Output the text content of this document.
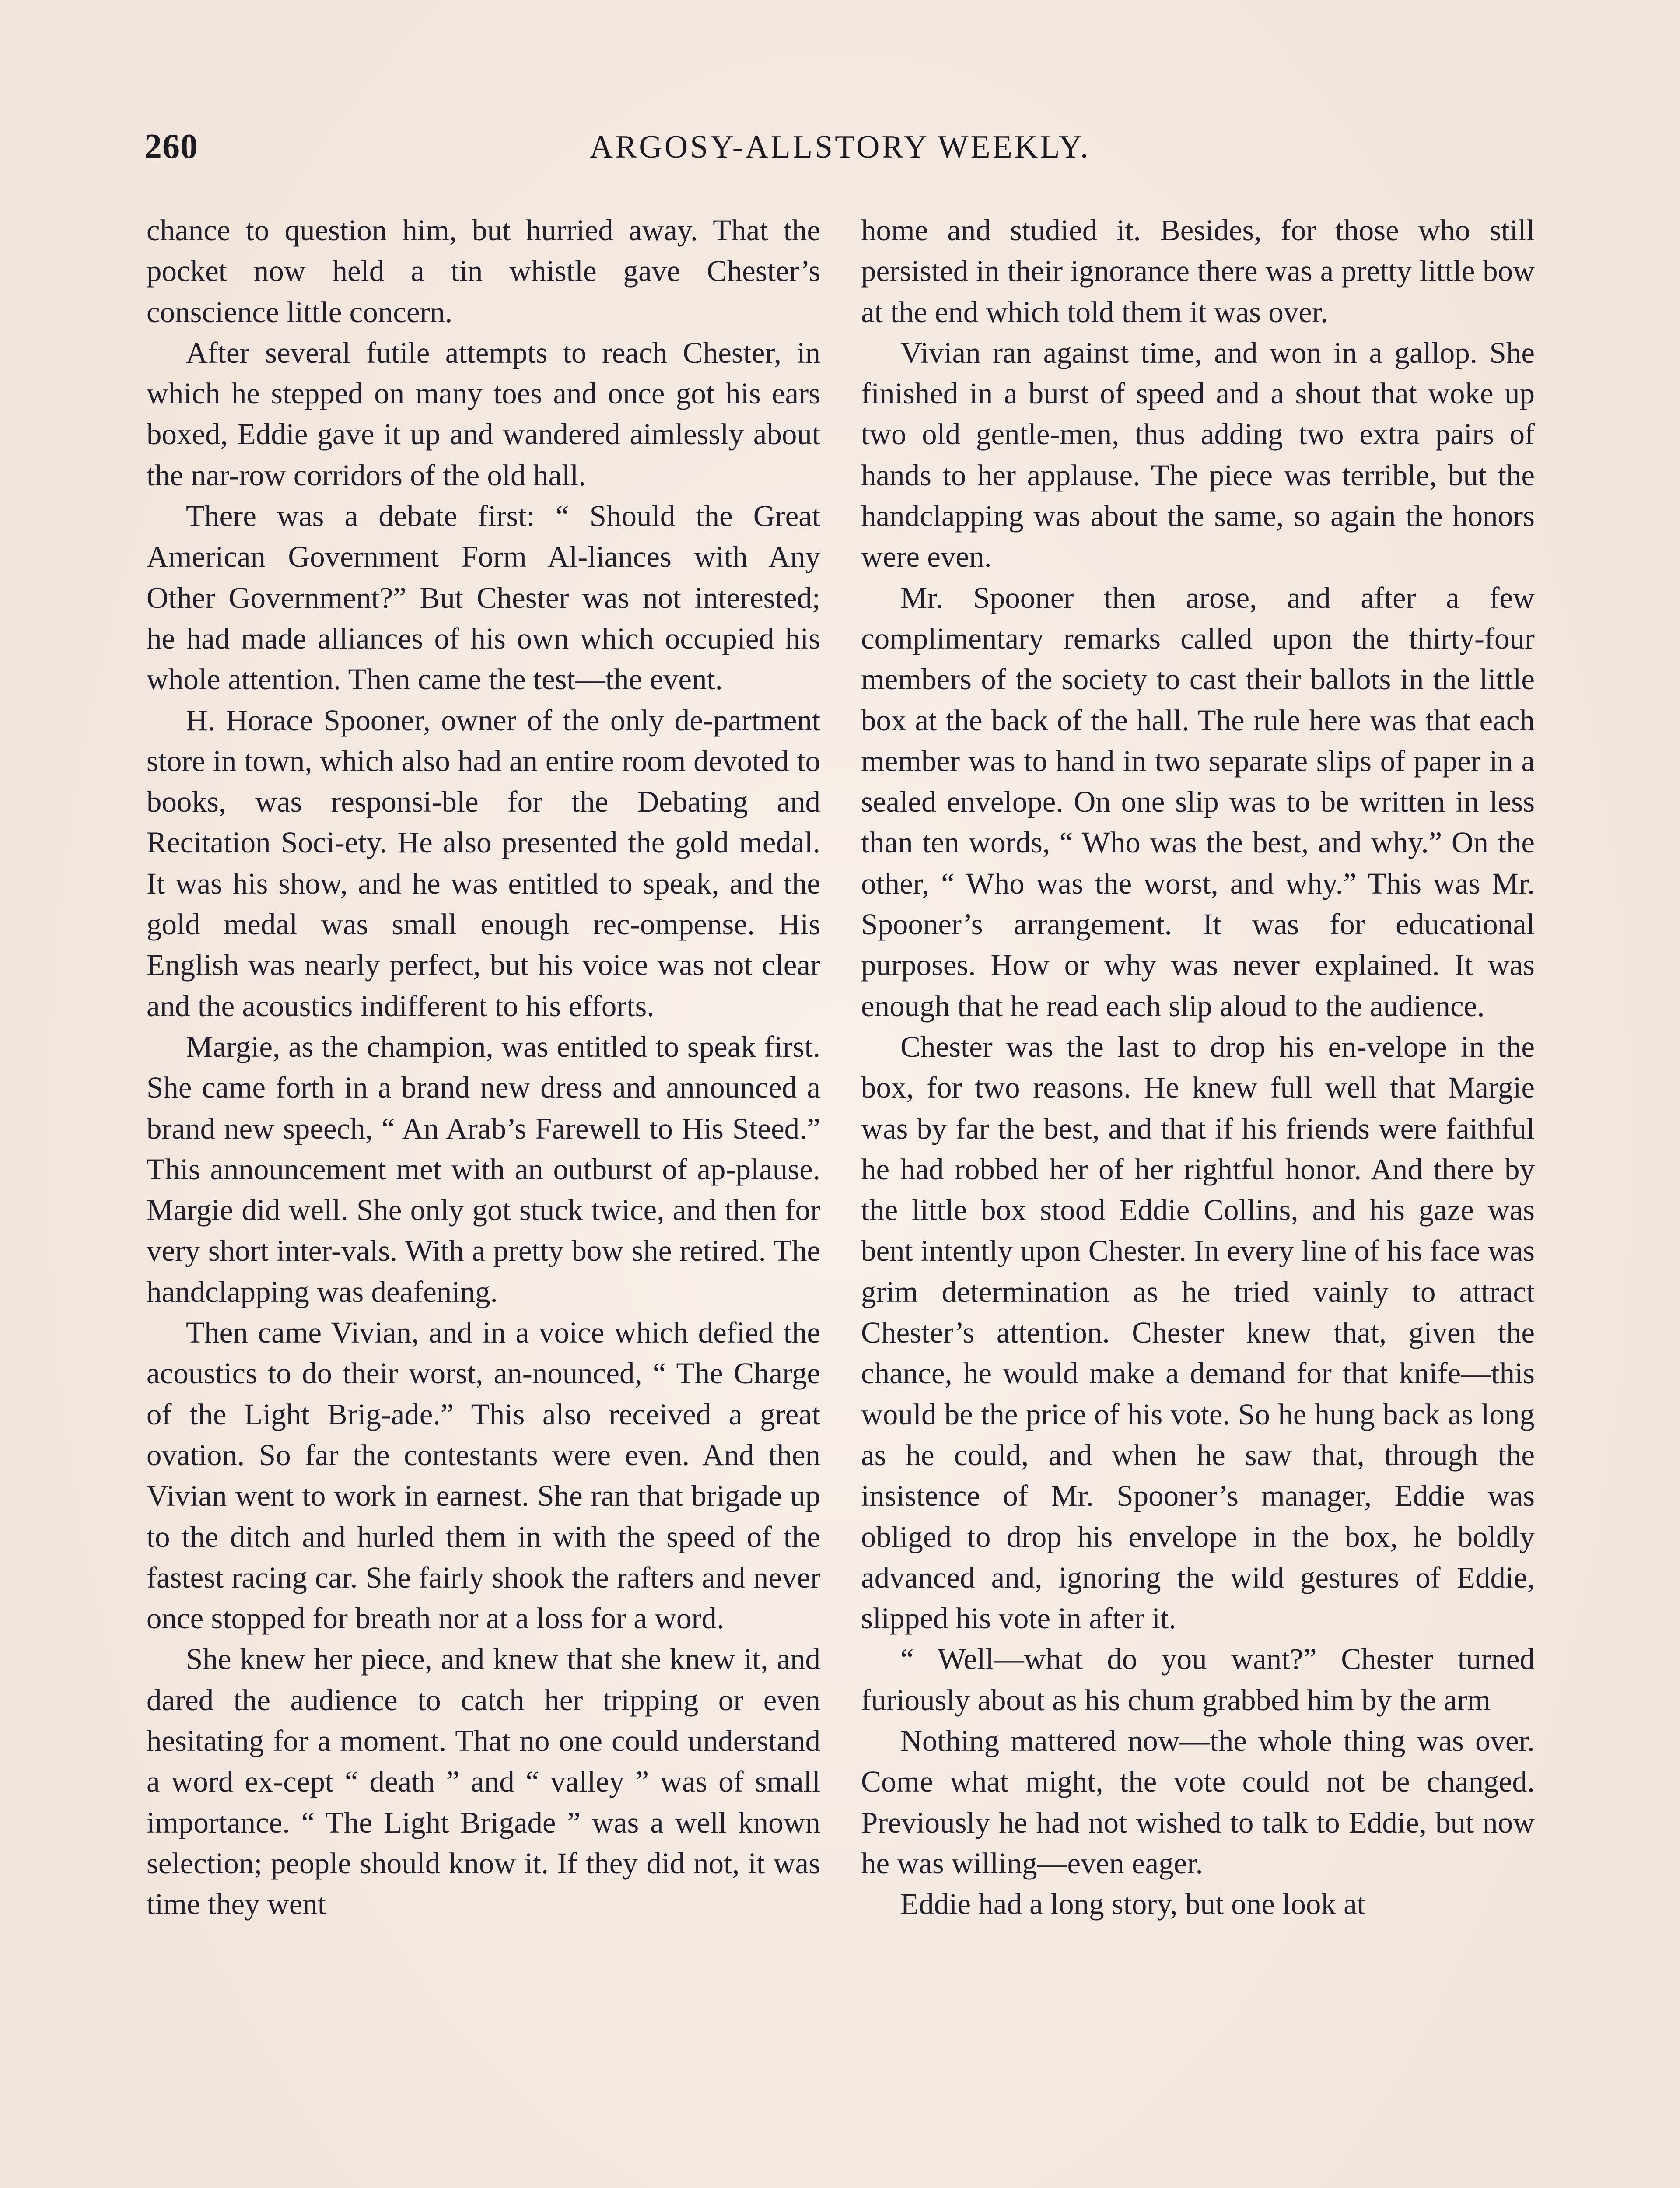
260	ARGOSY-ALLSTORY WEEKLY.

chance to question him, but hurried away. That the pocket now held a tin whistle gave Chester’s conscience little concern.

After several futile attempts to reach Chester, in which he stepped on many toes and once got his ears boxed, Eddie gave it up and wandered aimlessly about the nar-row corridors of the old hall.

There was a debate first: “ Should the Great American Government Form Al-liances with Any Other Government?” But Chester was not interested; he had made alliances of his own which occupied his whole attention. Then came the test—the event.

H. Horace Spooner, owner of the only de-partment store in town, which also had an entire room devoted to books, was responsi-ble for the Debating and Recitation Soci-ety. He also presented the gold medal. It was his show, and he was entitled to speak, and the gold medal was small enough rec-ompense. His English was nearly perfect, but his voice was not clear and the acoustics indifferent to his efforts.

Margie, as the champion, was entitled to speak first. She came forth in a brand new dress and announced a brand new speech, “ An Arab’s Farewell to His Steed.” This announcement met with an outburst of ap-plause. Margie did well. She only got stuck twice, and then for very short inter-vals. With a pretty bow she retired. The handclapping was deafening.

Then came Vivian, and in a voice which defied the acoustics to do their worst, an-nounced, “ The Charge of the Light Brig-ade.” This also received a great ovation. So far the contestants were even. And then Vivian went to work in earnest. She ran that brigade up to the ditch and hurled them in with the speed of the fastest racing car. She fairly shook the rafters and never once stopped for breath nor at a loss for a word.

She knew her piece, and knew that she knew it, and dared the audience to catch her tripping or even hesitating for a moment. That no one could understand a word ex-cept “ death ” and “ valley ” was of small importance. “ The Light Brigade ” was a well known selection; people should know it. If they did not, it was time they went

home and studied it. Besides, for those who still persisted in their ignorance there was a pretty little bow at the end which told them it was over.

Vivian ran against time, and won in a gallop. She finished in a burst of speed and a shout that woke up two old gentle-men, thus adding two extra pairs of hands to her applause. The piece was terrible, but the handclapping was about the same, so again the honors were even.

Mr. Spooner then arose, and after a few complimentary remarks called upon the thirty-four members of the society to cast their ballots in the little box at the back of the hall. The rule here was that each member was to hand in two separate slips of paper in a sealed envelope. On one slip was to be written in less than ten words, “ Who was the best, and why.” On the other, “ Who was the worst, and why.” This was Mr. Spooner’s arrangement. It was for educational purposes. How or why was never explained. It was enough that he read each slip aloud to the audience.

Chester was the last to drop his en-velope in the box, for two reasons. He knew full well that Margie was by far the best, and that if his friends were faithful he had robbed her of her rightful honor. And there by the little box stood Eddie Collins, and his gaze was bent intently upon Chester. In every line of his face was grim determination as he tried vainly to attract Chester’s attention. Chester knew that, given the chance, he would make a demand for that knife—this would be the price of his vote. So he hung back as long as he could, and when he saw that, through the insistence of Mr. Spooner’s manager, Eddie was obliged to drop his envelope in the box, he boldly advanced and, ignoring the wild gestures of Eddie, slipped his vote in after it.

“ Well—what do you want?” Chester turned furiously about as his chum grabbed him by the arm

Nothing mattered now—the whole thing was over. Come what might, the vote could not be changed. Previously he had not wished to talk to Eddie, but now he was willing—even eager.

Eddie had a long story, but one look at
